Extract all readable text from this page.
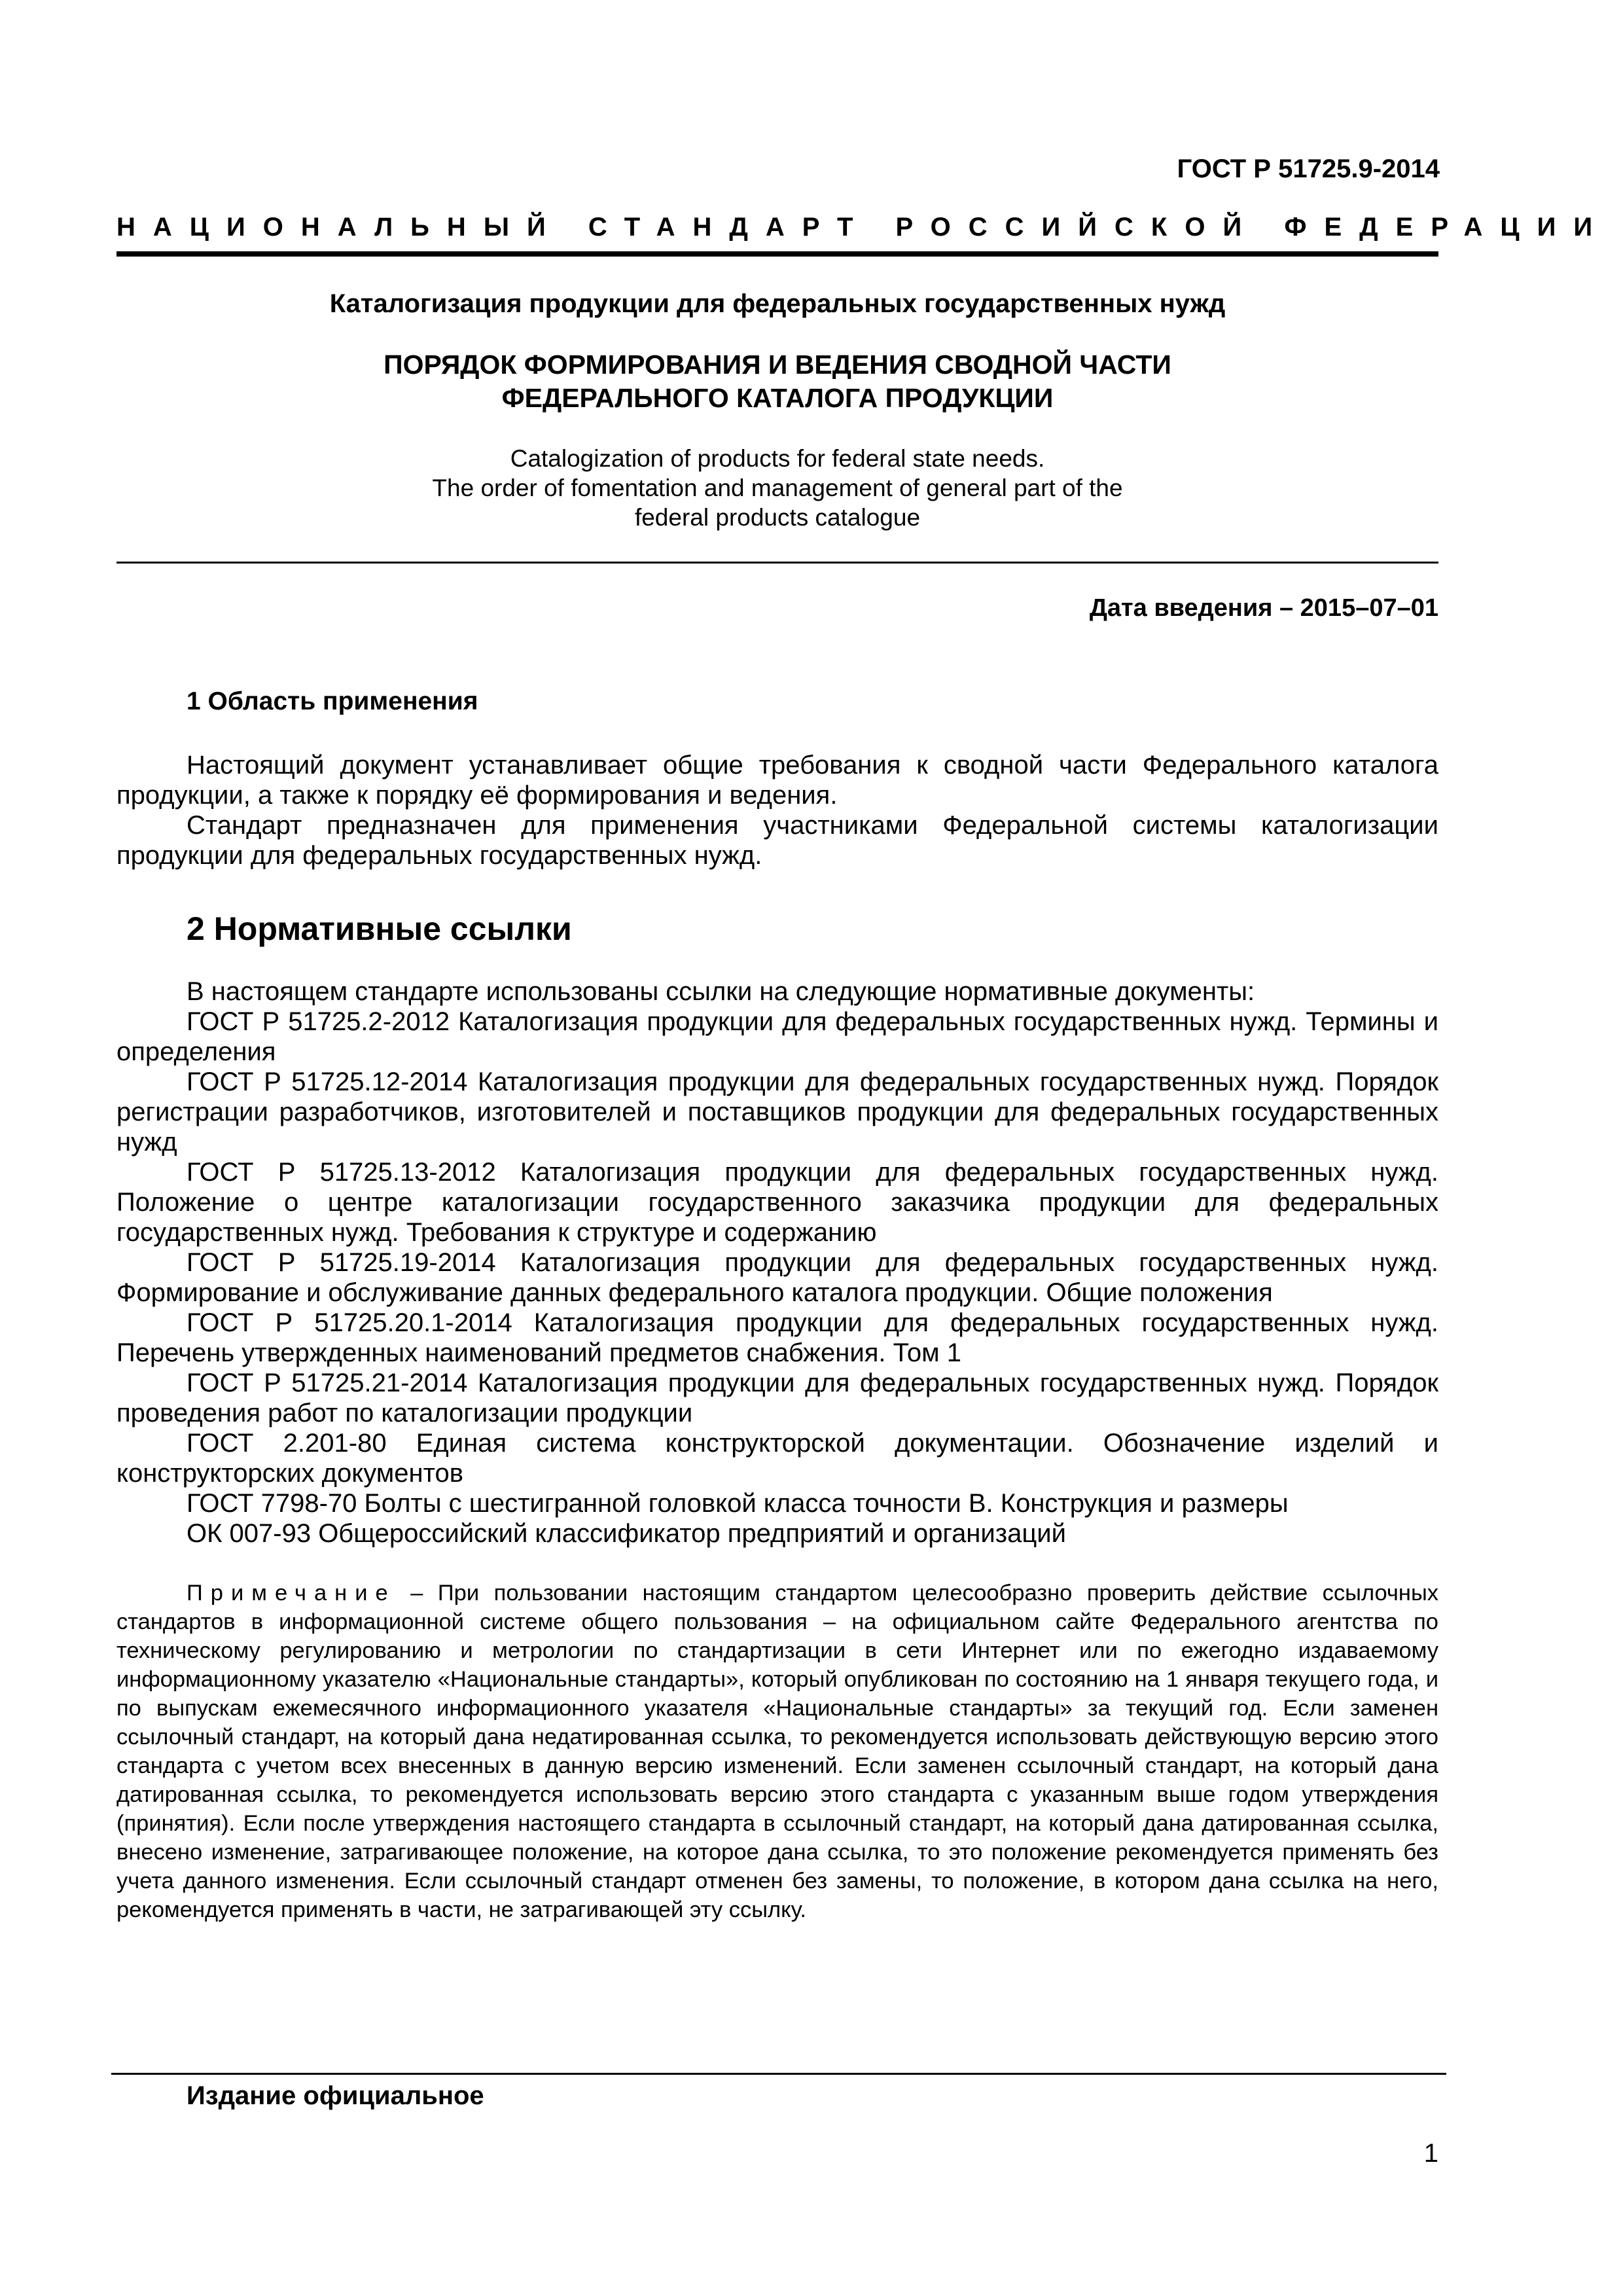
ГОСТ Р 51725.9-2014
НАЦИОНАЛЬНЫЙ СТАНДАРТ РОССИЙСКОЙ ФЕДЕРАЦИИ
Каталогизация продукции для федеральных государственных нужд
ПОРЯДОК ФОРМИРОВАНИЯ И ВЕДЕНИЯ СВОДНОЙ ЧАСТИ
ФЕДЕРАЛЬНОГО КАТАЛОГА ПРОДУКЦИИ
Catalogization of products for federal state needs.
The order of fomentation and management of general part of the
federal products catalogue
Дата введения – 2015–07–01
1 Область применения

Настоящий документ устанавливает общие требования к сводной части Федерального каталога продукции, а также к порядку её формирования и ведения.

Стандарт предназначен для применения участниками Федеральной системы каталогизации продукции для федеральных государственных нужд.

2 Нормативные ссылки

В настоящем стандарте использованы ссылки на следующие нормативные документы:

ГОСТ Р 51725.2-2012 Каталогизация продукции для федеральных государственных нужд. Термины и определения

ГОСТ Р 51725.12-2014 Каталогизация продукции для федеральных государственных нужд. Порядок регистрации разработчиков, изготовителей и поставщиков продукции для федеральных государственных нужд

ГОСТ Р 51725.13-2012 Каталогизация продукции для федеральных государственных нужд. Положение о центре каталогизации государственного заказчика продукции для федеральных государственных нужд. Требования к структуре и содержанию

ГОСТ Р 51725.19-2014 Каталогизация продукции для федеральных государственных нужд. Формирование и обслуживание данных федерального каталога продукции. Общие положения

ГОСТ Р 51725.20.1-2014 Каталогизация продукции для федеральных государственных нужд. Перечень утвержденных наименований предметов снабжения. Том 1

ГОСТ Р 51725.21-2014 Каталогизация продукции для федеральных государственных нужд. Порядок проведения работ по каталогизации продукции

ГОСТ 2.201-80 Единая система конструкторской документации. Обозначение изделий и конструкторских документов

ГОСТ 7798-70 Болты с шестигранной головкой класса точности В. Конструкция и размеры

ОК 007-93 Общероссийский классификатор предприятий и организаций

Примечание – При пользовании настоящим стандартом целесообразно проверить действие ссылочных стандартов в информационной системе общего пользования – на официальном сайте Федерального агентства по техническому регулированию и метрологии по стандартизации в сети Интернет или по ежегодно издаваемому информационному указателю «Национальные стандарты», который опубликован по состоянию на 1 января текущего года, и по выпускам ежемесячного информационного указателя «Национальные стандарты» за текущий год. Если заменен ссылочный стандарт, на который дана недатированная ссылка, то рекомендуется использовать действующую версию этого стандарта с учетом всех внесенных в данную версию изменений. Если заменен ссылочный стандарт, на который дана датированная ссылка, то рекомендуется использовать версию этого стандарта с указанным выше годом утверждения (принятия). Если после утверждения настоящего стандарта в ссылочный стандарт, на который дана датированная ссылка, внесено изменение, затрагивающее положение, на которое дана ссылка, то это положение рекомендуется применять без учета данного изменения. Если ссылочный стандарт отменен без замены, то положение, в котором дана ссылка на него, рекомендуется применять в части, не затрагивающей эту ссылку.

Издание официальное
1
